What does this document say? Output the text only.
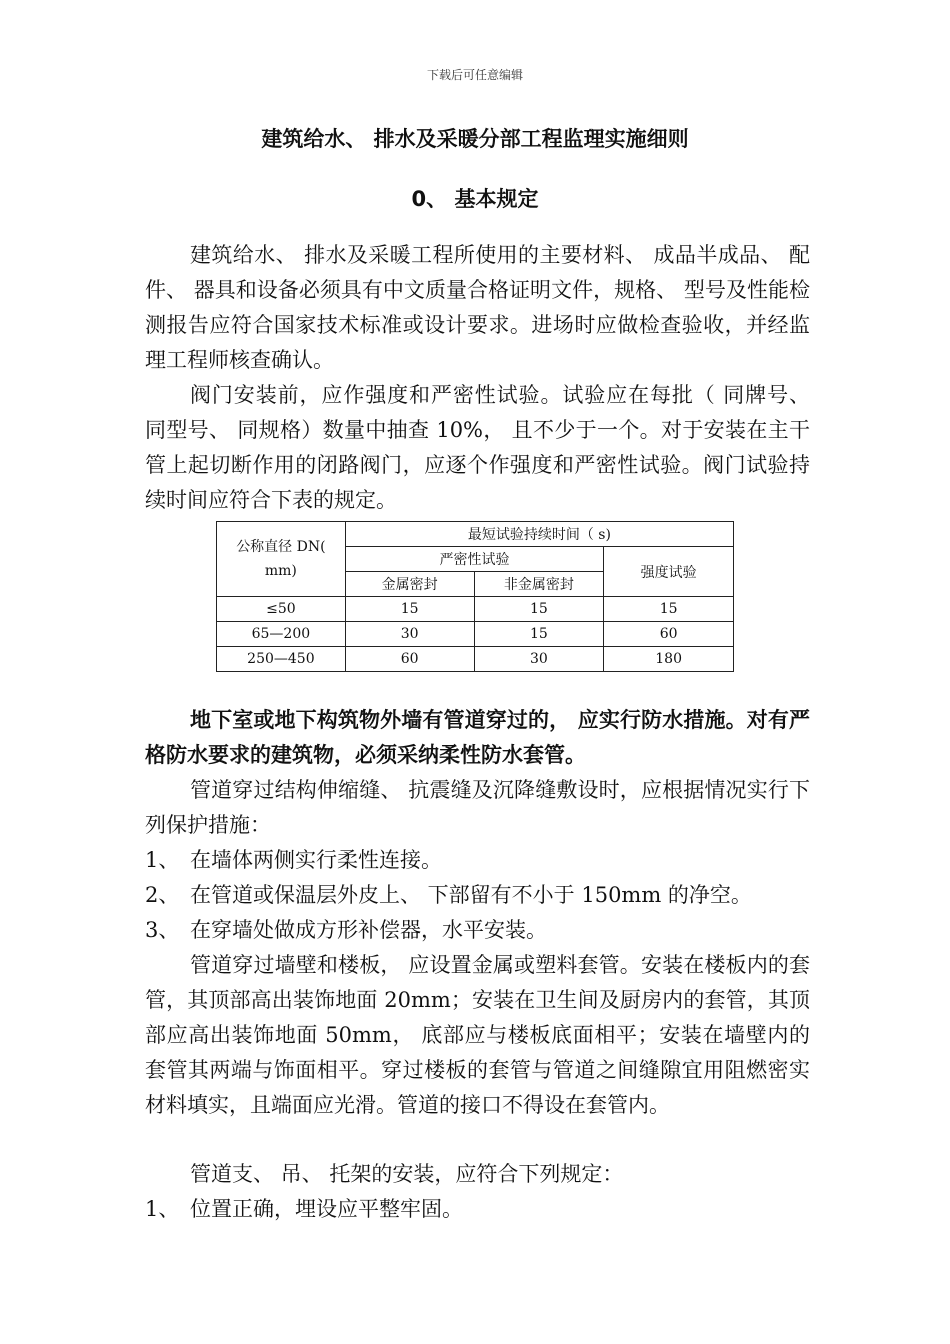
下载后可任意编辑
建筑给水、 排水及采暖分部工程监理实施细则
0、 基本规定
建筑给水、 排水及采暖工程所使用的主要材料、 成品半成品、 配件、 器具和设备必须具有中文质量合格证明文件，规格、 型号及性能检测报告应符合国家技术标准或设计要求。进场时应做检查验收，并经监理工程师核查确认。
阀门安装前，应作强度和严密性试验。试验应在每批（ 同牌号、 同型号、 同规格）数量中抽查 10%， 且不少于一个。对于安装在主干管上起切断作用的闭路阀门，应逐个作强度和严密性试验。阀门试验持续时间应符合下表的规定。
公称直径 DN(
mm)	最短试验持续时间（ s)		
	严密性试验		强度试验
	金属密封	非金属密封	
≤50	15	15	15
65—200	30	15	60
250—450	60	30	180
地下室或地下构筑物外墙有管道穿过的， 应实行防水措施。对有严格防水要求的建筑物，必须采纳柔性防水套管。
管道穿过结构伸缩缝、 抗震缝及沉降缝敷设时，应根据情况实行下列保护措施：
1、 在墙体两侧实行柔性连接。
2、 在管道或保温层外皮上、 下部留有不小于 150mm 的净空。
3、 在穿墙处做成方形补偿器，水平安装。
管道穿过墙壁和楼板， 应设置金属或塑料套管。安装在楼板内的套管，其顶部高出装饰地面 20mm；安装在卫生间及厨房内的套管，其顶部应高出装饰地面 50mm， 底部应与楼板底面相平；安装在墙壁内的套管其两端与饰面相平。穿过楼板的套管与管道之间缝隙宜用阻燃密实材料填实，且端面应光滑。管道的接口不得设在套管内。
管道支、 吊、 托架的安装，应符合下列规定：
1、 位置正确，埋设应平整牢固。
